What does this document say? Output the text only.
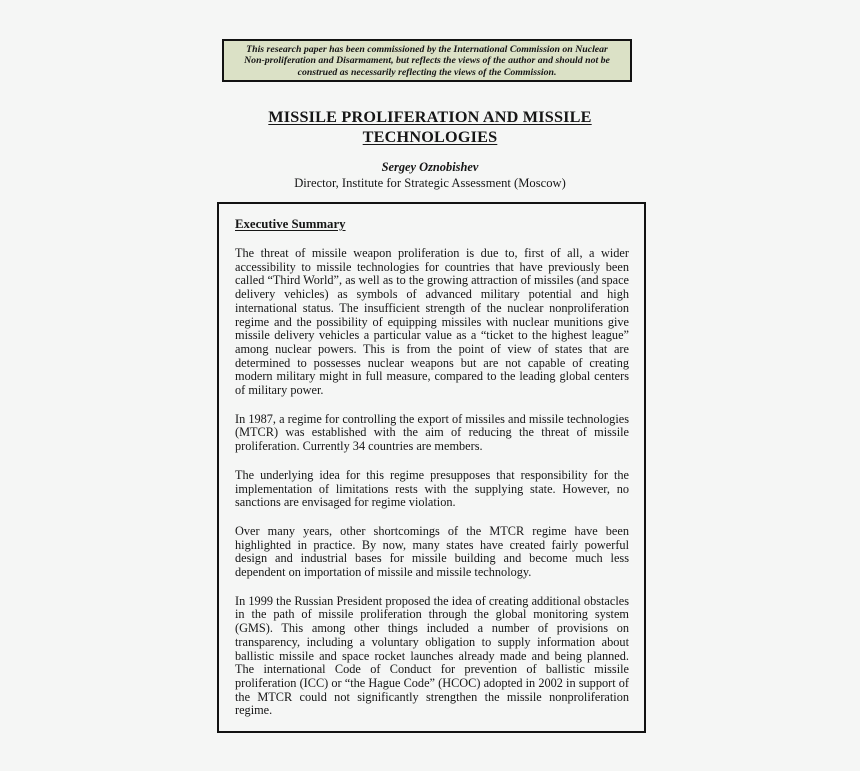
This research paper has been commissioned by the International Commission on Nuclear
Non-proliferation and Disarmament, but reflects the views of the author and should not be
construed as necessarily reflecting the views of the Commission.
MISSILE PROLIFERATION AND MISSILE TECHNOLOGIES
Sergey Oznobishev
Director, Institute for Strategic Assessment (Moscow)
Executive Summary

The threat of missile weapon proliferation is due to, first of all, a wider accessibility to missile technologies for countries that have previously been called “Third World”, as well as to the growing attraction of missiles (and space delivery vehicles) as symbols of advanced military potential and high international status. The insufficient strength of the nuclear nonproliferation regime and the possibility of equipping missiles with nuclear munitions give missile delivery vehicles a particular value as a “ticket to the highest league” among nuclear powers. This is from the point of view of states that are determined to possesses nuclear weapons but are not capable of creating modern military might in full measure, compared to the leading global centers of military power.

In 1987, a regime for controlling the export of missiles and missile technologies (MTCR) was established with the aim of reducing the threat of missile proliferation. Currently 34 countries are members.

The underlying idea for this regime presupposes that responsibility for the implementation of limitations rests with the supplying state. However, no sanctions are envisaged for regime violation.

Over many years, other shortcomings of the MTCR regime have been highlighted in practice. By now, many states have created fairly powerful design and industrial bases for missile building and become much less dependent on importation of missile and missile technology.

In 1999 the Russian President proposed the idea of creating additional obstacles in the path of missile proliferation through the global monitoring system (GMS). This among other things included a number of provisions on transparency, including a voluntary obligation to supply information about ballistic missile and space rocket launches already made and being planned. The international Code of Conduct for prevention of ballistic missile proliferation (ICC) or “the Hague Code” (HCOC) adopted in 2002 in support of the MTCR could not significantly strengthen the missile nonproliferation regime.
